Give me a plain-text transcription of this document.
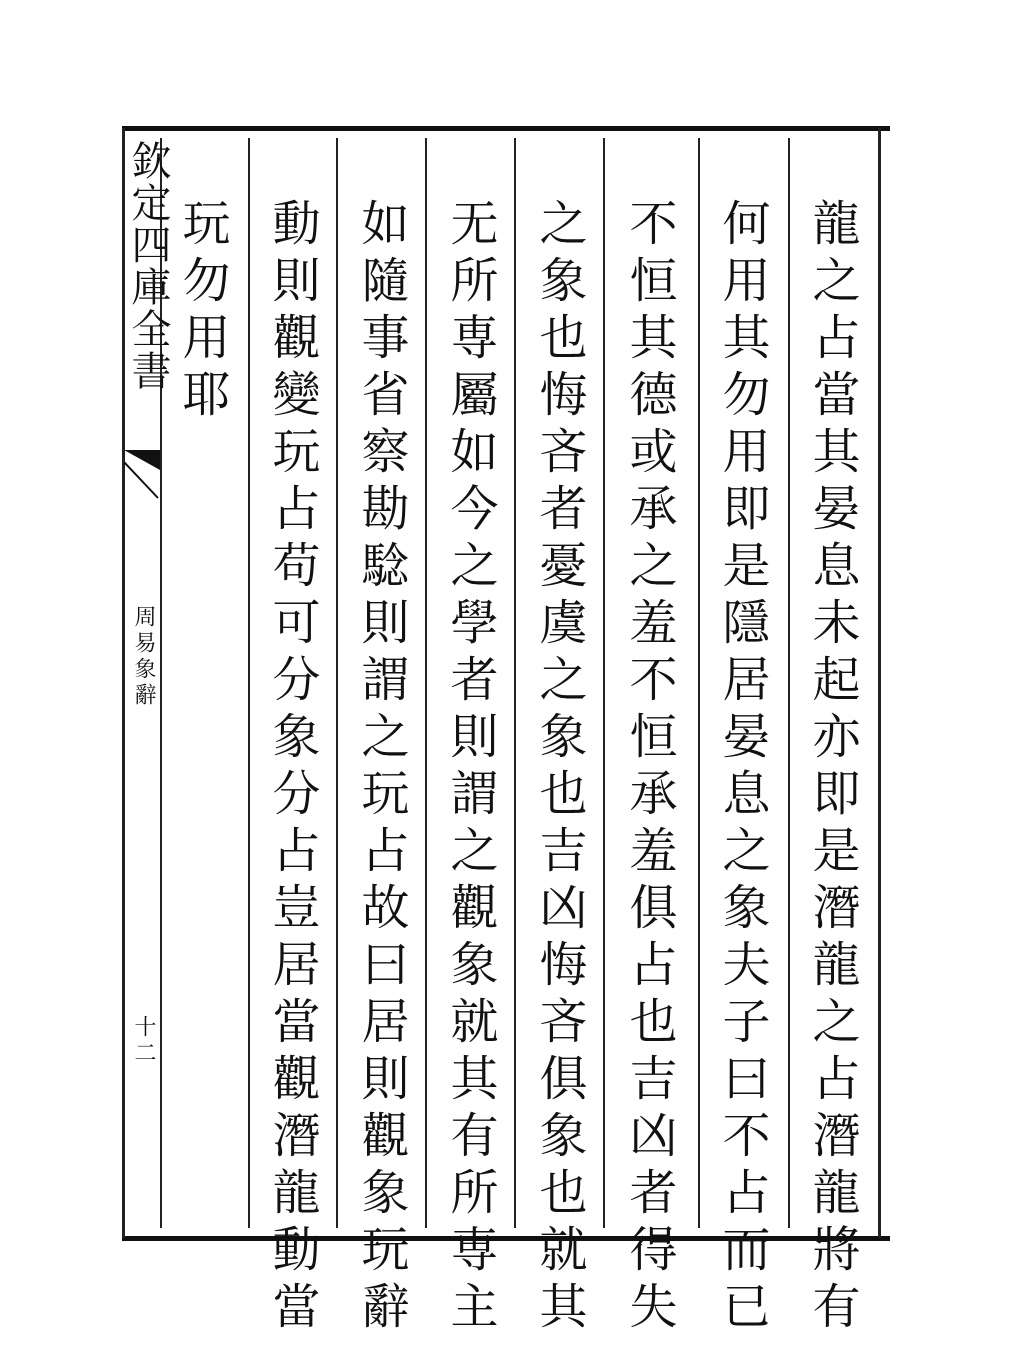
欽定四庫全書
周易象辭
十二	龍之占當其晏息未起亦即是潛龍之占潛龍將有
何用其勿用即是隱居晏息之象夫子曰不占而已
不恒其德或承之羞不恒承羞俱占也吉凶者得失
之象也悔吝者憂虞之象也吉凶悔吝俱象也就其
无所専屬如今之學者則謂之觀象就其有所専主
如隨事省察勘騐則謂之玩占故曰居則觀象玩辭
動則觀變玩占苟可分象分占豈居當觀潛龍動當
玩勿用耶
